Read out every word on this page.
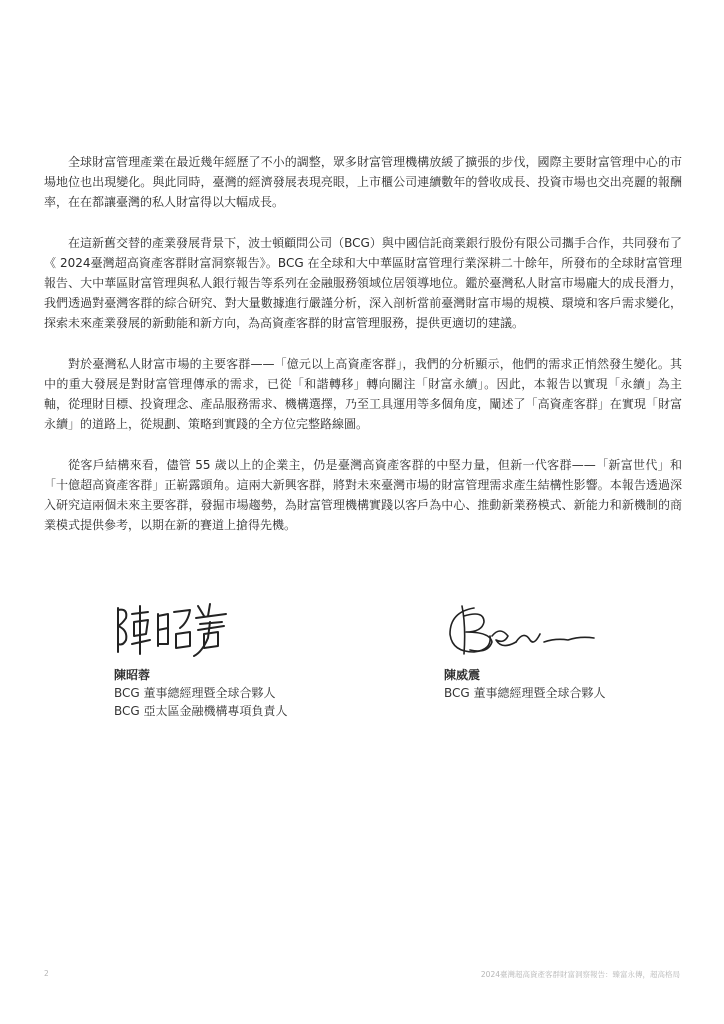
全球財富管理產業在最近幾年經歷了不小的調整，眾多財富管理機構放緩了擴張的步伐，國際主要財富管理中心的市場地位也出現變化。與此同時，臺灣的經濟發展表現亮眼，上市櫃公司連續數年的營收成長、投資市場也交出亮麗的報酬率，在在都讓臺灣的私人財富得以大幅成長。

在這新舊交替的產業發展背景下，波士頓顧問公司（BCG）與中國信託商業銀行股份有限公司攜手合作，共同發布了《 2024臺灣超高資產客群財富洞察報告》。BCG 在全球和大中華區財富管理行業深耕二十餘年，所發布的全球財富管理報告、大中華區財富管理與私人銀行報告等系列在金融服務領域位居領導地位。鑑於臺灣私人財富市場龐大的成長潛力，我們透過對臺灣客群的綜合研究、對大量數據進行嚴謹分析，深入剖析當前臺灣財富市場的規模、環境和客戶需求變化，探索未來產業發展的新動能和新方向，為高資產客群的財富管理服務，提供更適切的建議。

對於臺灣私人財富市場的主要客群——「億元以上高資產客群」，我們的分析顯示，他們的需求正悄然發生變化。其中的重大發展是對財富管理傳承的需求，已從「和諧轉移」轉向關注「財富永續」。因此，本報告以實現「永續」為主軸，從理財目標、投資理念、產品服務需求、機構選擇，乃至工具運用等多個角度，闡述了「高資產客群」在實現「財富永續」的道路上，從規劃、策略到實踐的全方位完整路線圖。

從客戶結構來看，儘管 55 歲以上的企業主，仍是臺灣高資產客群的中堅力量，但新一代客群——「新富世代」和「十億超高資產客群」正嶄露頭角。這兩大新興客群，將對未來臺灣市場的財富管理需求產生結構性影響。本報告透過深入研究這兩個未來主要客群，發掘市場趨勢，為財富管理機構實踐以客戶為中心、推動新業務模式、新能力和新機制的商業模式提供參考，以期在新的賽道上搶得先機。

陳昭蓉
BCG 董事總經理暨全球合夥人
BCG 亞太區金融機構專項負責人
陳威震
BCG 董事總經理暨全球合夥人
2	2024臺灣超高資產客群財富洞察報告：臻富永傳，超高格局
